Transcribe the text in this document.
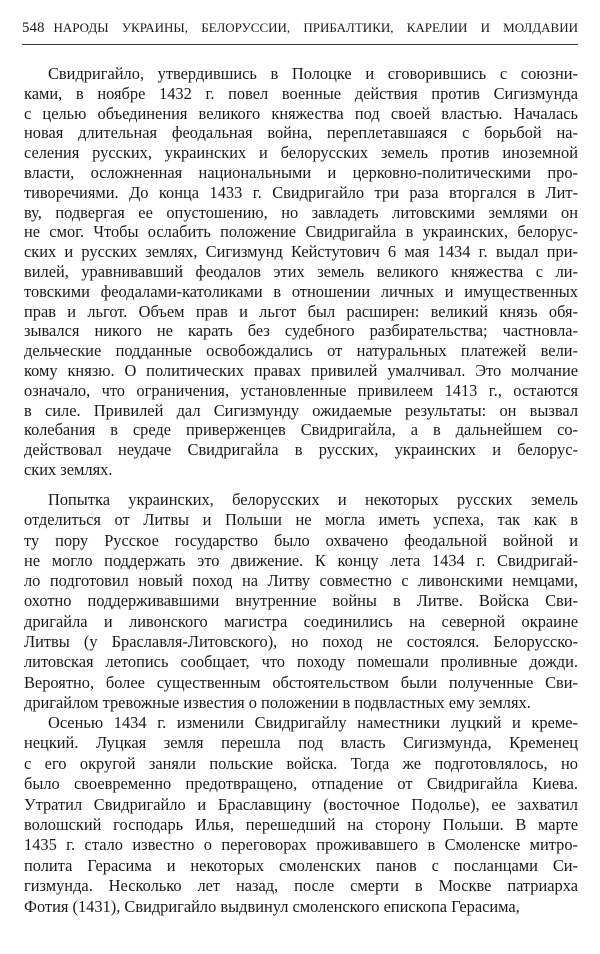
548 НАРОДЫ УКРАИНЫ, БЕЛОРУССИИ, ПРИБАЛТИКИ, КАРЕЛИИ И МОЛДАВИИ
Свидригайло, утвердившись в Полоцке и сговорившись с союзни-
ками, в ноябре 1432 г. повел военные действия против Сигизмунда
с целью объединения великого княжества под своей властью. Началась
новая длительная феодальная война, переплетавшаяся с борьбой на-
селения русских, украинских и белорусских земель против иноземной
власти, осложненная национальными и церковно-политическими про-
тиворечиями. До конца 1433 г. Свидригайло три раза вторгался в Лит-
ву, подвергая ее опустошению, но завладеть литовскими землями он
не смог. Чтобы ослабить положение Свидригайла в украинских, белорус-
ских и русских землях, Сигизмунд Кейстутович 6 мая 1434 г. выдал при-
вилей, уравнивавший феодалов этих земель великого княжества с ли-
товскими феодалами-католиками в отношении личных и имущественных
прав и льгот. Объем прав и льгот был расширен: великий князь обя-
зывался никого не карать без судебного разбирательства; частновла-
дельческие подданные освобождались от натуральных платежей вели-
кому князю. О политических правах привилей умалчивал. Это молчание
означало, что ограничения, установленные привилеем 1413 г., остаются
в силе. Привилей дал Сигизмунду ожидаемые результаты: он вызвал
колебания в среде приверженцев Свидригайла, а в дальнейшем со-
действовал неудаче Свидригайла в русских, украинских и белорус-
ских землях.
Попытка украинских, белорусских и некоторых русских земель
отделиться от Литвы и Польши не могла иметь успеха, так как в
ту пору Русское государство было охвачено феодальной войной и
не могло поддержать это движение. К концу лета 1434 г. Свидригай-
ло подготовил новый поход на Литву совместно с ливонскими немцами,
охотно поддерживавшими внутренние войны в Литве. Войска Сви-
дригайла и ливонского магистра соединились на северной окраине
Литвы (у Браславля-Литовского), но поход не состоялся. Белорусско-
литовская летопись сообщает, что походу помешали проливные дожди.
Вероятно, более существенным обстоятельством были полученные Сви-
дригайлом тревожные известия о положении в подвластных ему землях.
Осенью 1434 г. изменили Свидригайлу наместники луцкий и креме-
нецкий. Луцкая земля перешла под власть Сигизмунда, Кременец
с его округой заняли польские войска. Тогда же подготовлялось, но
было своевременно предотвращено, отпадение от Свидригайла Киева.
Утратил Свидригайло и Браславщину (восточное Подолье), ее захватил
волошский господарь Илья, перешедший на сторону Польши. В марте
1435 г. стало известно о переговорах проживавшего в Смоленске митро-
полита Герасима и некоторых смоленских панов с посланцами Си-
гизмунда. Несколько лет назад, после смерти в Москве патриарха
Фотия (1431), Свидригайло выдвинул смоленского епископа Герасима,
